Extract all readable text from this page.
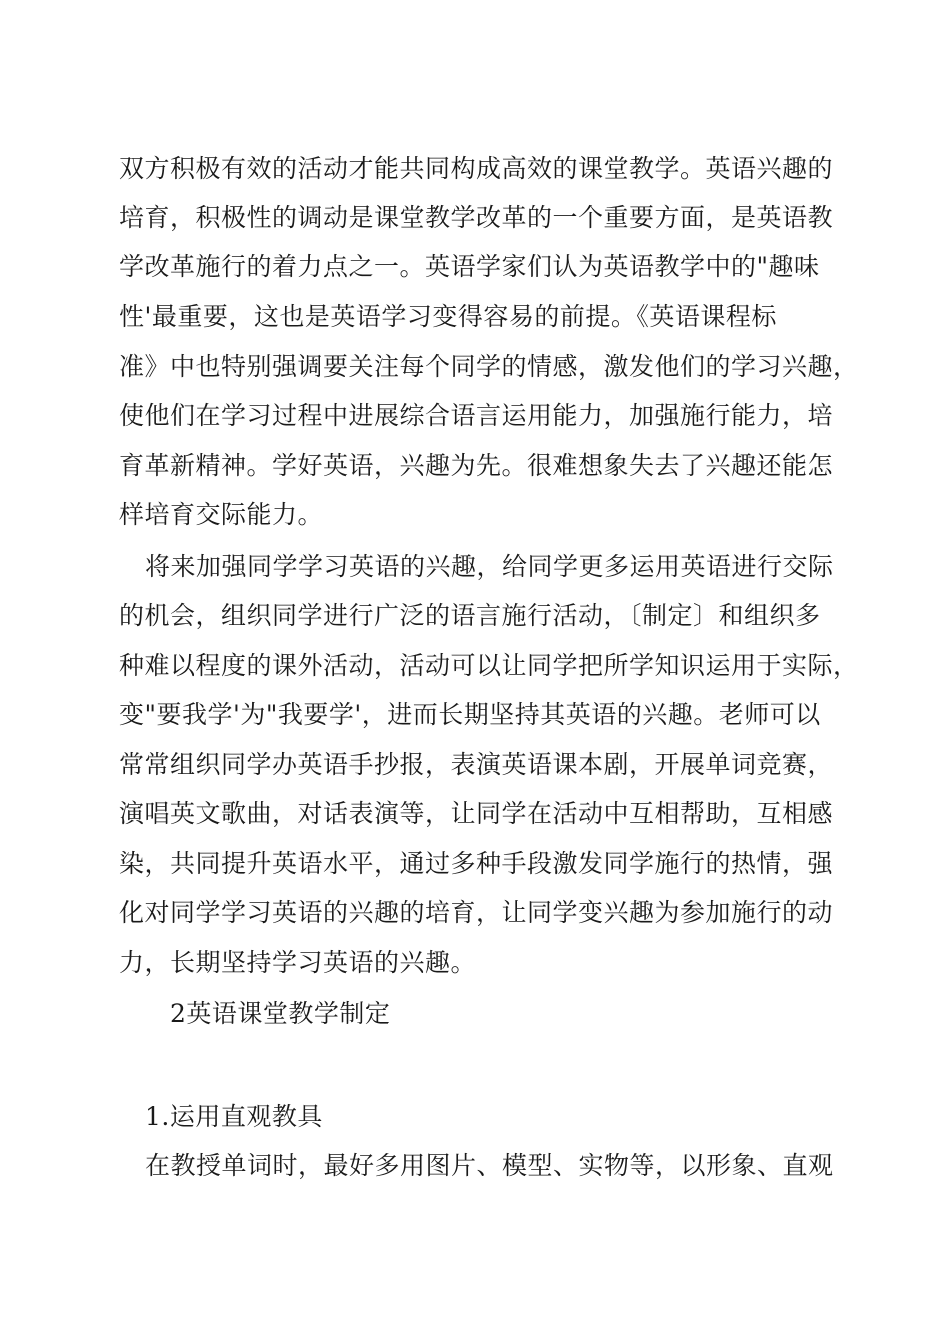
双方积极有效的活动才能共同构成高效的课堂教学。英语兴趣的
培育，积极性的调动是课堂教学改革的一个重要方面，是英语教
学改革施行的着力点之一。英语学家们认为英语教学中的"趣味
性'最重要，这也是英语学习变得容易的前提。《英语课程标
准》中也特别强调要关注每个同学的情感，激发他们的学习兴趣，
使他们在学习过程中进展综合语言运用能力，加强施行能力，培
育革新精神。学好英语，兴趣为先。很难想象失去了兴趣还能怎
样培育交际能力。
将来加强同学学习英语的兴趣，给同学更多运用英语进行交际
的机会，组织同学进行广泛的语言施行活动，〔制定〕和组织多
种难以程度的课外活动，活动可以让同学把所学知识运用于实际，
变"要我学'为"我要学'，进而长期坚持其英语的兴趣。老师可以
常常组织同学办英语手抄报，表演英语课本剧，开展单词竞赛，
演唱英文歌曲，对话表演等，让同学在活动中互相帮助，互相感
染，共同提升英语水平，通过多种手段激发同学施行的热情，强
化对同学学习英语的兴趣的培育，让同学变兴趣为参加施行的动
力，长期坚持学习英语的兴趣。
2英语课堂教学制定
1.运用直观教具
在教授单词时，最好多用图片、模型、实物等，以形象、直观
